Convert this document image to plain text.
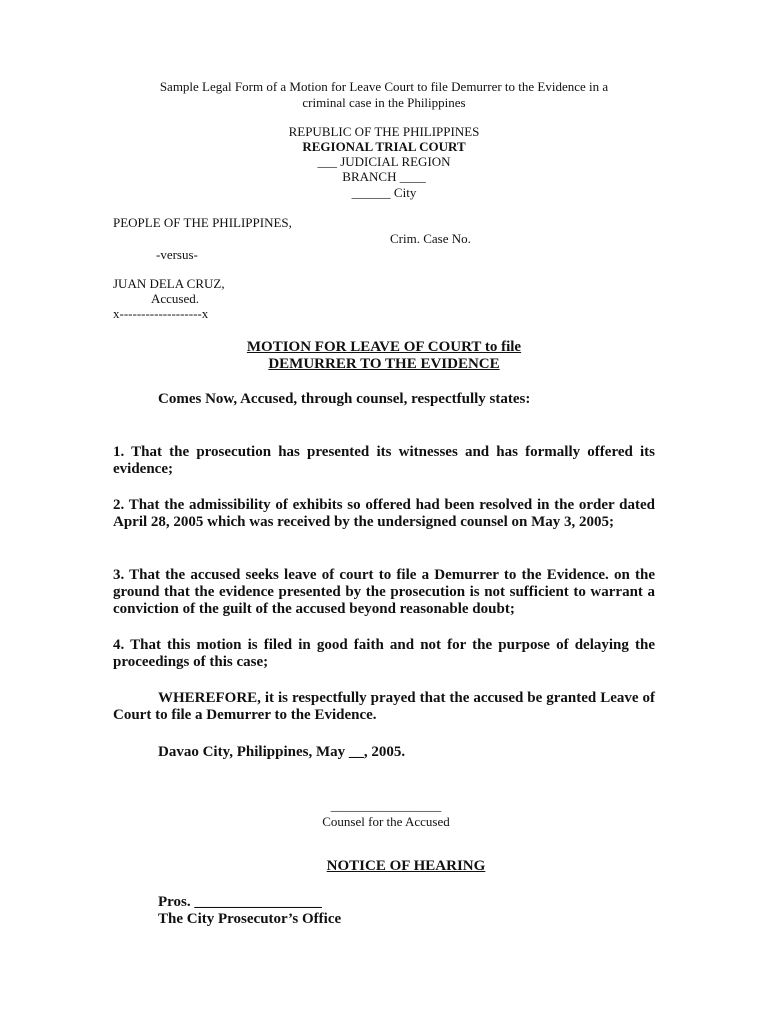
Sample Legal Form of a Motion for Leave Court to file Demurrer to the Evidence in a
criminal case in the Philippines
REPUBLIC OF THE PHILIPPINES
REGIONAL TRIAL COURT
___ JUDICIAL REGION
BRANCH ____
______ City
PEOPLE OF THE PHILIPPINES,
Crim. Case No.
-versus-
JUAN DELA CRUZ,
Accused.
x-------------------x
MOTION FOR LEAVE OF COURT to file
DEMURRER TO THE EVIDENCE
Comes Now, Accused, through counsel, respectfully states:
1. That the prosecution has presented its witnesses and has formally offered its evidence;
2. That the admissibility of exhibits so offered had been resolved in the order dated April 28, 2005 which was received by the undersigned counsel on May 3, 2005;
3. That the accused seeks leave of court to file a Demurrer to the Evidence. on the ground that the evidence presented by the prosecution is not sufficient to warrant a conviction of the guilt of the accused beyond reasonable doubt;
4. That this motion is filed in good faith and not for the purpose of delaying the proceedings of this case;
WHEREFORE, it is respectfully prayed that the accused be granted Leave of Court to file a Demurrer to the Evidence.
Davao City, Philippines, May __, 2005.
_________________
Counsel for the Accused
NOTICE OF HEARING
Pros. _________________
The City Prosecutor’s Office
